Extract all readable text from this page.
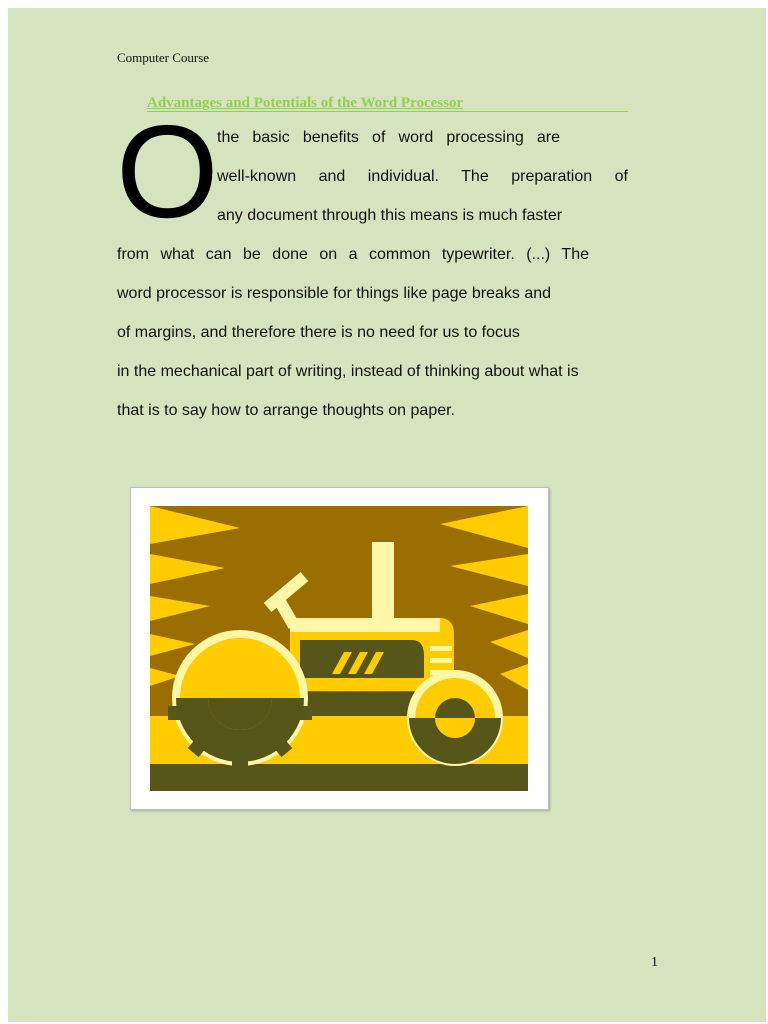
Computer Course
Advantages and Potentials of the Word Processor
O
the basic benefits of word processing are
well-known and individual. The preparation of
any document through this means is much faster
from what can be done on a common typewriter. (...) The
word processor is responsible for things like page breaks and
of margins, and therefore there is no need for us to focus
in the mechanical part of writing, instead of thinking about what is
that is to say how to arrange thoughts on paper.
1
